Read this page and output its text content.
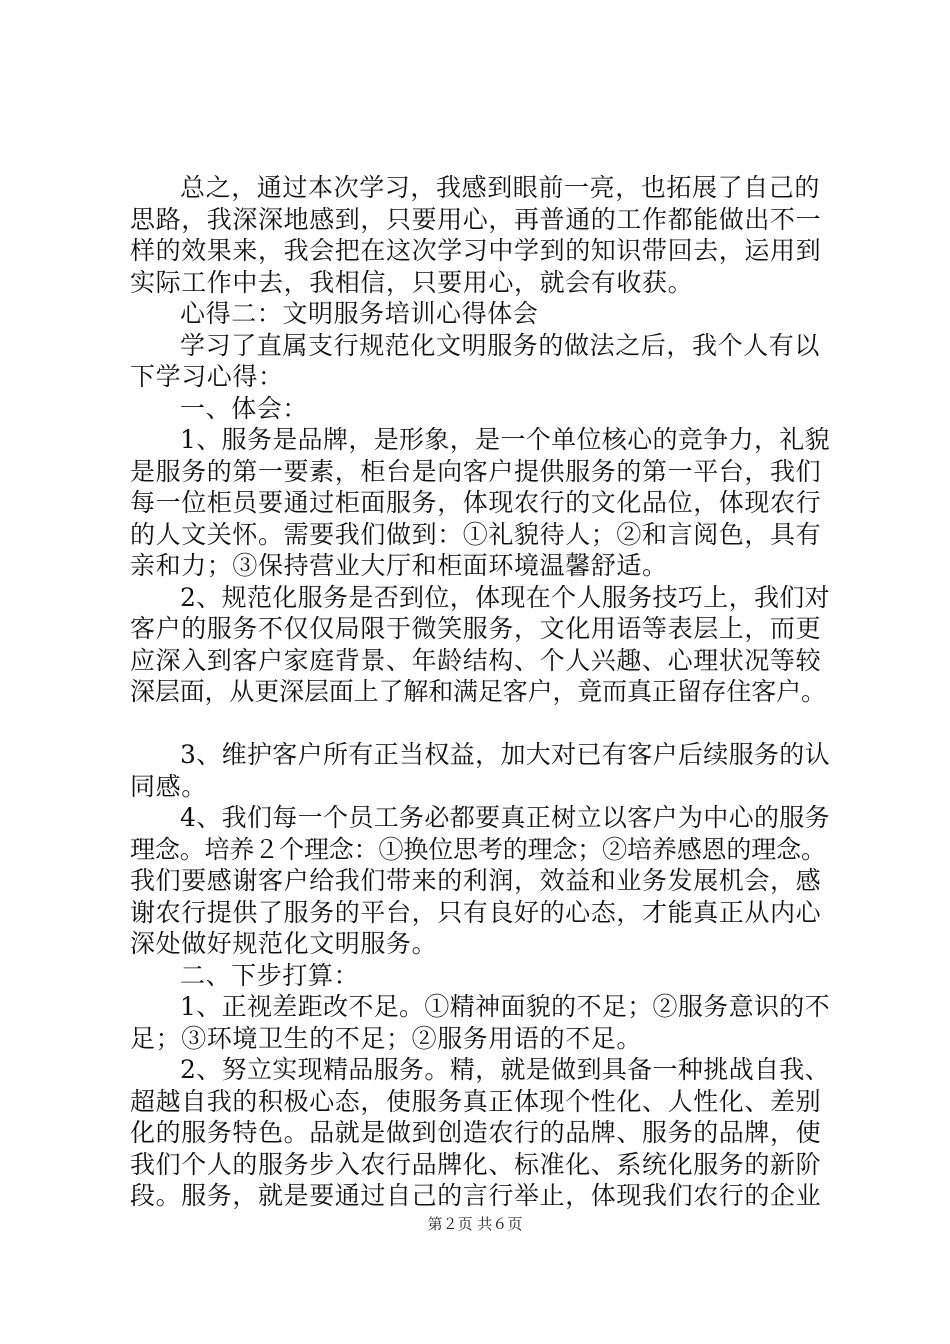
总之，通过本次学习，我感到眼前一亮，也拓展了自己的
思路，我深深地感到，只要用心，再普通的工作都能做出不一
样的效果来，我会把在这次学习中学到的知识带回去，运用到
实际工作中去，我相信，只要用心，就会有收获。
心得二：文明服务培训心得体会
学习了直属支行规范化文明服务的做法之后，我个人有以
下学习心得：
一、体会：
1、服务是品牌，是形象，是一个单位核心的竞争力，礼貌
是服务的第一要素，柜台是向客户提供服务的第一平台，我们
每一位柜员要通过柜面服务，体现农行的文化品位，体现农行
的人文关怀。需要我们做到：①礼貌待人；②和言阅色，具有
亲和力；③保持营业大厅和柜面环境温馨舒适。
2、规范化服务是否到位，体现在个人服务技巧上，我们对
客户的服务不仅仅局限于微笑服务，文化用语等表层上，而更
应深入到客户家庭背景、年龄结构、个人兴趣、心理状况等较
深层面，从更深层面上了解和满足客户，竟而真正留存住客户。
3、维护客户所有正当权益，加大对已有客户后续服务的认
同感。
4、我们每一个员工务必都要真正树立以客户为中心的服务
理念。培养２个理念：①换位思考的理念；②培养感恩的理念。
我们要感谢客户给我们带来的利润，效益和业务发展机会，感
谢农行提供了服务的平台，只有良好的心态，才能真正从内心
深处做好规范化文明服务。
二、下步打算：
1、正视差距改不足。①精神面貌的不足；②服务意识的不
足；③环境卫生的不足；②服务用语的不足。
2、努立实现精品服务。精，就是做到具备一种挑战自我、
超越自我的积极心态，使服务真正体现个性化、人性化、差别
化的服务特色。品就是做到创造农行的品牌、服务的品牌，使
我们个人的服务步入农行品牌化、标准化、系统化服务的新阶
段。服务，就是要通过自己的言行举止，体现我们农行的企业
第２页 共６页
